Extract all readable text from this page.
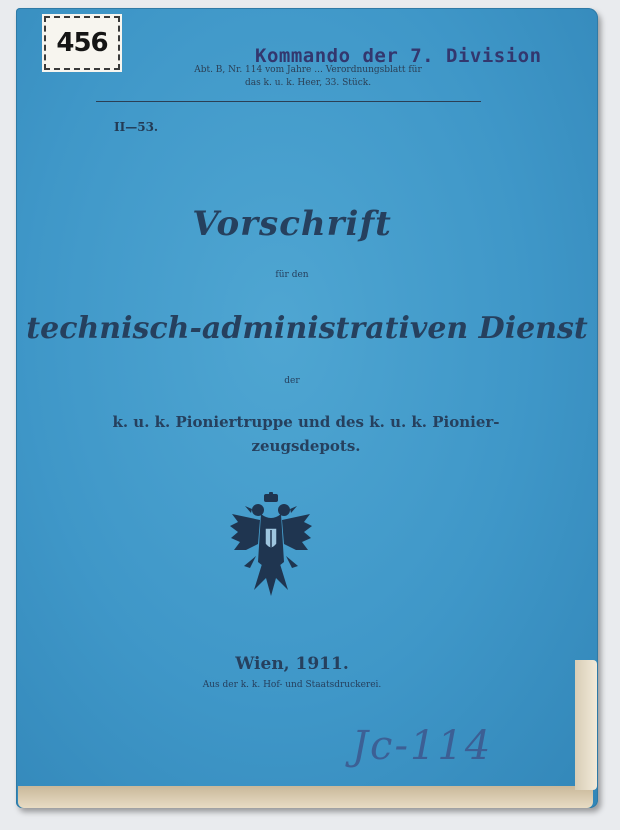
Abt. B, Nr. 114 vom Jahre ... Verordnungsblatt für
das k. u. k. Heer, 33. Stück.
II—53.
Vorschrift
für den
technisch-administrativen Dienst
der
k. u. k. Pioniertruppe und des k. u. k. Pionier-
zeugsdepots.
Wien, 1911.
Aus der k. k. Hof- und Staatsdruckerei.
Jc-114
Kommando der 7. Division
456
